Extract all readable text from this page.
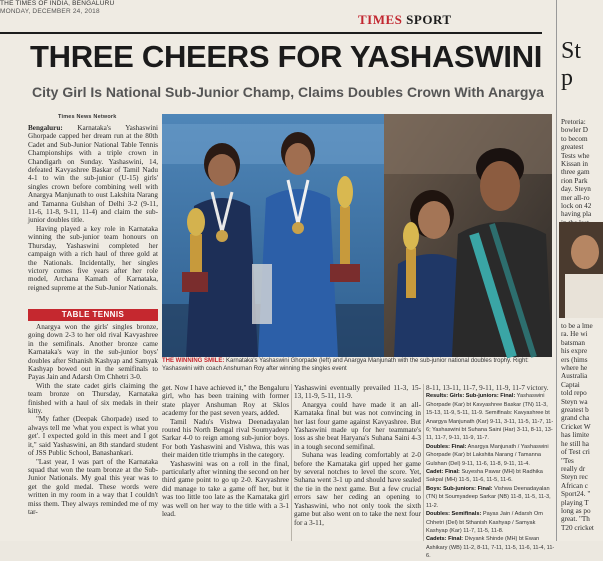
THE TIMES OF INDIA, BENGALURU
MONDAY, DECEMBER 24, 2018
TIMES SPORT
THREE CHEERS FOR YASHASWINI
City Girl Is National Sub-Junior Champ, Claims Doubles Crown With Anargya
Times News Network

Bengaluru: Karnataka's Yashaswini Ghorpade capped her dream run at the 80th Cadet and Sub-Junior National Table Tennis Championships with a triple crown in Chandigarh on Sunday. Yashaswini, 14, defeated Kavyashree Baskar of Tamil Nadu 4-1 to win the sub-junior (U-15) girls' singles crown before combining well with Anargya Manjunath to oust Lakshita Narang and Tamanna Gulshan of Delhi 3-2 (9-11, 11-6, 11-8, 9-11, 11-4) and claim the sub-junior doubles title.

Having played a key role in Karnataka winning the sub-junior team honours on Thursday, Yashaswini completed her campaign with a rich haul of three gold at the Nationals. Incidentally, her singles victory comes five years after her role model, Archana Kamath of Karnataka, reigned supreme at the Sub-Junior Nationals.

TABLE TENNIS

Anargya won the girls' singles bronze, going down 2-3 to her old rival Kavyashree in the semifinals. Another bronze came Karnataka's way in the sub-junior boys' doubles after Sthanish Kashyap and Samyak Kashyap bowed out in the semifinals to Payas Jain and Adarsh Om Chhetri 3-0.

With the state cadet girls claiming the team bronze on Thursday, Karnataka finished with a haul of six medals in their kitty.

"My father (Deepak Ghorpade) used to always tell me 'what you expect is what you get'. I expected gold in this meet and I got it," said Yashaswini, an 8th standard student of JSS Public School, Banashankari.

"Last year, I was part of the Karnataka squad that won the team bronze at the Sub-Junior Nationals. My goal this year was to get the gold medal. These words were written in my room in a way that I couldn't miss them. They always reminded me of my tar-

THE WINNING SMILE: Karnataka's Yashaswini Ghorpade (left) and Anargya Manjunath with the sub-junior national doubles trophy. Right: Yashaswini with coach Anshuman Roy after winning the singles event

get. Now I have achieved it," the Bengaluru girl, who has been training with former state player Anshuman Roy at Sklos academy for the past seven years, added.

Tamil Nadu's Vishwa Deenadayalan routed his North Bengal rival Soumyadeep Sarkar 4-0 to reign among sub-junior boys. For both Yashaswini and Vishwa, this was their maiden title triumphs in the category.

Yashaswini was on a roll in the final, particularly after winning the second on her third game point to go up 2-0. Kavyashree did manage to take a game off her, but it was too little too late as the Karnataka girl was well on her way to the title with a 3-1 lead.

Yashaswini eventually prevailed 11-3, 15-13, 11-9, 5-11, 11-9.

Anargya could have made it an all-Karnataka final but was not convincing in her last four game against Kavyashree. But Yashaswini made up for her teammate's loss as she beat Haryana's Suhana Saini 4-3 in a tough second semifinal.

Suhana was leading comfortably at 2-0 before the Karnataka girl upped her game by several notches to level the score. Yet, Suhana went 3-1 up and should have sealed the tie in the next game. But a few crucial errors saw her ceding an opening to Yashaswini, who not only took the sixth game but also went on to take the next four for a 3-11,

8-11, 13-11, 11-7, 9-11, 11-9, 11-7 victory.
Results: Girls: Sub-juniors: Final: Yashaswini Ghorpade (Kar) bt Kavyashree Baskar (TN) 11-3, 15-13, 11-9, 5-11, 11-9. Semifinals: Kavyashree bt Anargya Manjunath (Kar) 9-11, 3-11, 11-5, 11-7, 11-6; Yashaswini bt Suhana Saini (Har) 3-11, 8-11, 13-11, 11-7, 9-11, 11-9, 11-7.
Doubles: Final: Anargya Manjunath / Yashaswini Ghorpade (Kar) bt Lakshita Narang / Tamanna Gulshan (Del) 9-11, 11-6, 11-8, 9-11, 11-4.
Cadet: Final: Suyesha Pawar (MH) bt Radhika Sakpal (MH) 11-5, 11-6, 11-5, 11-6.
Boys: Sub-juniors: Final: Vishwa Deenadayalan (TN) bt Soumyadeep Sarkar (NB) 11-8, 11-5, 11-3, 11-2.
Doubles: Semifinals: Payas Jain / Adarsh Om Chhetri (Del) bt Sthanish Kashyap / Samyak Kashyap (Kar) 11-7, 11-5, 11-8.
Cadets: Final: Divyank Shinde (MH) bt Ewan Ashikary (WB) 11-2, 8-11, 7-11, 11-5, 11-6, 11-4, 11-6.
St
p
Pretoria:
bowler D
to becom
greatest
Tests whe
Kissan in
three gam
rion Park
day. Steyn
mer all-ro
lock on 42
having pla
to be a lme
ra. He wi
batsman
his expre
ers (hims
where he
Australia
Captai
told repo
Steyn wa
greatest b
grand cha
Cricket W
has limite
he still ha
of Test cri
"Tes
really dr
Steyn rec
African c
Sport24. "
playing T
long as po
great. "Th
T20 cricket
